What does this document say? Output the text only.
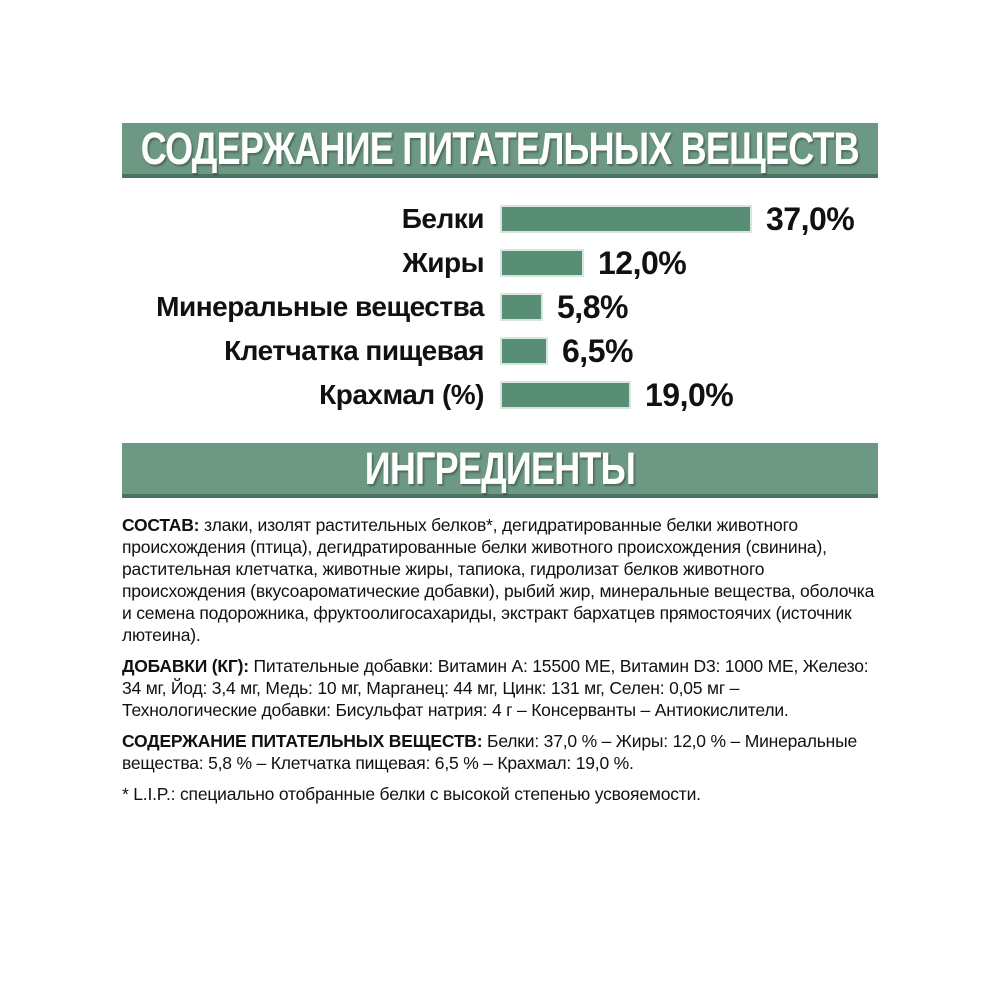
СОДЕРЖАНИЕ ПИТАТЕЛЬНЫХ ВЕЩЕСТВ
Белки	37,0%
Жиры	12,0%
Минеральные вещества	5,8%
Клетчатка пищевая	6,5%
Крахмал (%)	19,0%
ИНГРЕДИЕНТЫ

СОСТАВ: злаки, изолят растительных белков*, дегидратированные белки животного происхождения (птица), дегидратированные белки животного происхождения (свинина), растительная клетчатка, животные жиры, тапиока, гидролизат белков животного происхождения (вкусоароматические добавки), рыбий жир, минеральные вещества, оболочка и семена подорожника, фруктоолигосахариды, экстракт бархатцев прямостоячих (источник лютеина).

ДОБАВКИ (КГ): Питательные добавки: Витамин A: 15500 МЕ, Витамин D3: 1000 МЕ, Железо: 34 мг, Йод: 3,4 мг, Медь: 10 мг, Марганец: 44 мг, Цинк: 131 мг, Селен: 0,05 мг – Технологические добавки: Бисульфат натрия: 4 г – Консерванты – Антиокислители.

СОДЕРЖАНИЕ ПИТАТЕЛЬНЫХ ВЕЩЕСТВ: Белки: 37,0 % – Жиры: 12,0 % – Минеральные вещества: 5,8 % – Клетчатка пищевая: 6,5 % – Крахмал: 19,0 %.

* L.I.P.: специально отобранные белки с высокой степенью усвояемости.
